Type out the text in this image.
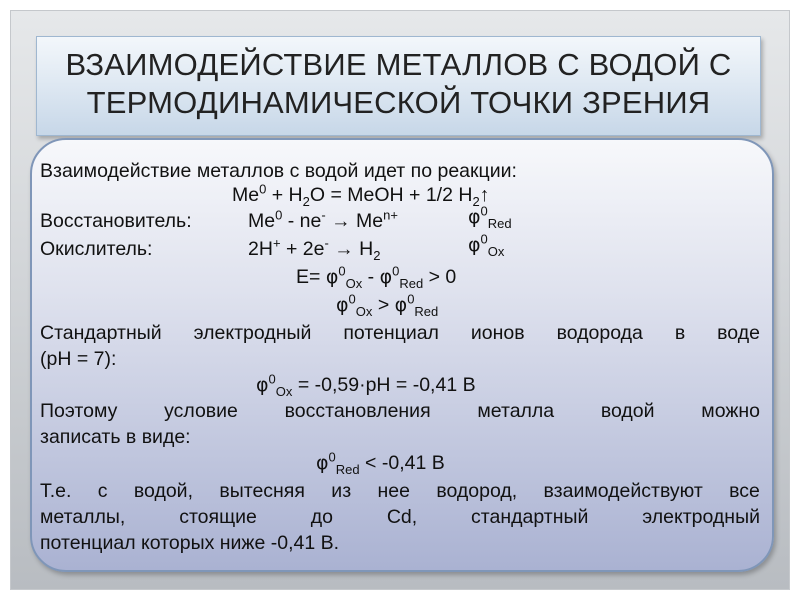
ВЗАИМОДЕЙСТВИЕ МЕТАЛЛОВ С ВОДОЙ С
ТЕРМОДИНАМИЧЕСКОЙ ТОЧКИ ЗРЕНИЯ
Взаимодействие металлов с водой идет по реакции:
$Me^0 + H_2O$ = MeOH + 1/2 $H_2↑$
Восстановитель:	$Me^0 - ne^- \to Me^{n+}$	$\varphi^0_{Red}$
Окислитель:	$2H^+ + 2e^- \to H_2$	$\varphi^0_{Ox}$
$E= \varphi^0_{Ox} - \varphi^0_{Red} > 0$
$\varphi^0_{Ox} > \varphi^0_{Red}$
Стандартный электродный потенциал ионов водорода в воде
(pH = 7):
$\varphi^0_{Ox} = -0,59\cdot pH = -0,41$ B
Поэтому условие восстановления металла водой можно
записать в виде:
$\varphi^0_{Red} < -0,41$ B
Т.е. с водой, вытесняя из нее водород, взаимодействуют все
металлы,	стоящие	до	Cd,	стандартный	электродный
потенциал которых ниже -0,41 В.
